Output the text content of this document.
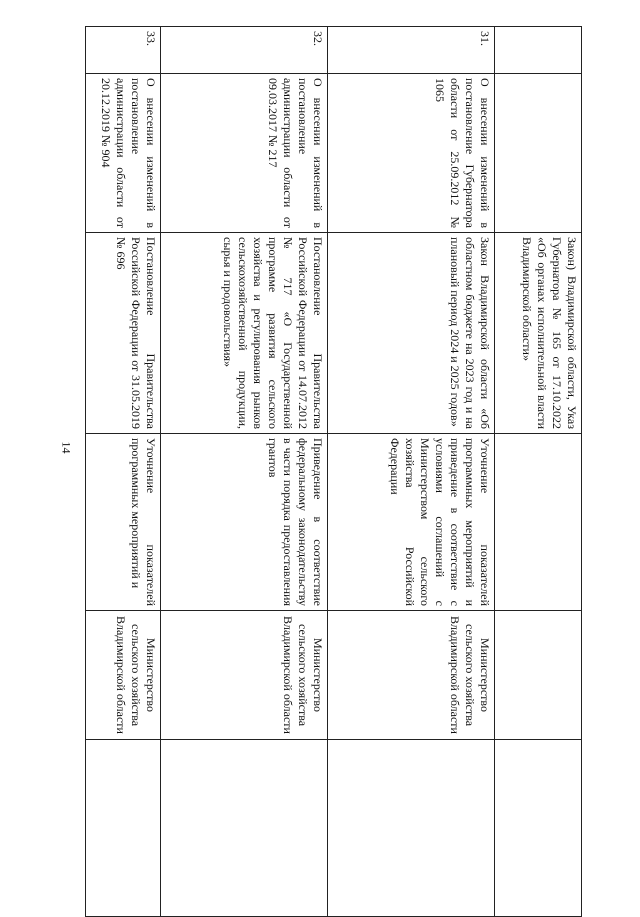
14
		Закон) Владимирской области, Указ Губернатора № 165 от 17.10.2022 «Об органах исполнительной власти Владимирской области»			
31.	О внесении изменений в постановление Губернатора области от 25.09.2012 № 1065	Закон Владимирской области «Об областном бюджете на 2023 год и на плановый период 2024 и 2025 годов»	Уточнение показателей программных мероприятий и приведение в соответствие с условиями соглашений с Министерством сельского хозяйства Российской Федерации	Министерство сельского хозяйства Владимирской области	
32.	О внесении изменений в постановление администрации области от 09.03.2017 № 217	Постановление Правительства Российской Федерации от 14.07.2012 № 717 «О Государственной программе развития сельского хозяйства и регулирования рынков сельскохозяйственной продукции, сырья и продовольствия»	Приведение в соответствие федеральному законодательству в части порядка предоставления грантов	Министерство сельского хозяйства Владимирской области	
33.	О внесении изменений в постановление администрации области от 20.12.2019 № 904	Постановление Правительства Российской Федерации от 31.05.2019 № 696	Уточнение показателей программных мероприятий и	Министерство сельского хозяйства Владимирской области	
